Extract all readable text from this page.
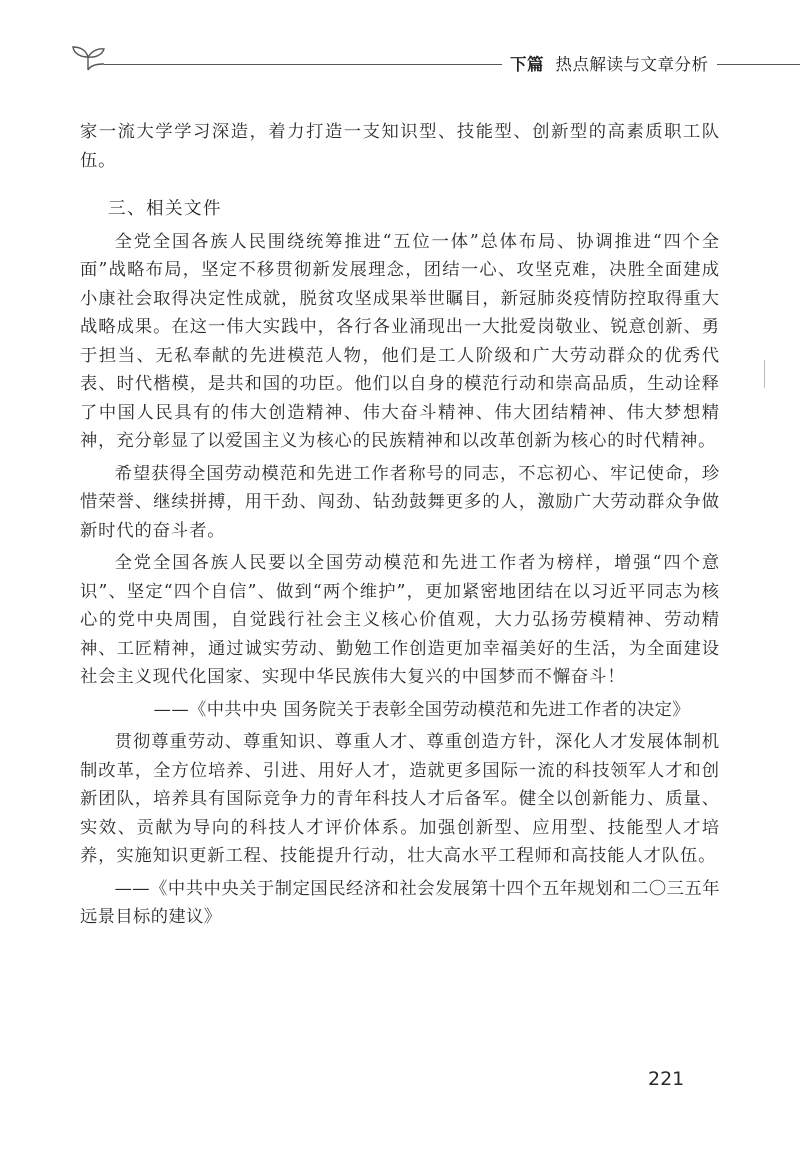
下篇 热点解读与文章分析

家一流大学学习深造，着力打造一支知识型、技能型、创新型的高素质职工队伍。

三、相关文件

全党全国各族人民围绕统筹推进“五位一体”总体布局、协调推进“四个全面”战略布局，坚定不移贯彻新发展理念，团结一心、攻坚克难，决胜全面建成小康社会取得决定性成就，脱贫攻坚成果举世瞩目，新冠肺炎疫情防控取得重大战略成果。在这一伟大实践中，各行各业涌现出一大批爱岗敬业、锐意创新、勇于担当、无私奉献的先进模范人物，他们是工人阶级和广大劳动群众的优秀代表、时代楷模，是共和国的功臣。他们以自身的模范行动和崇高品质，生动诠释了中国人民具有的伟大创造精神、伟大奋斗精神、伟大团结精神、伟大梦想精神，充分彰显了以爱国主义为核心的民族精神和以改革创新为核心的时代精神。

希望获得全国劳动模范和先进工作者称号的同志，不忘初心、牢记使命，珍惜荣誉、继续拼搏，用干劲、闯劲、钻劲鼓舞更多的人，激励广大劳动群众争做新时代的奋斗者。

全党全国各族人民要以全国劳动模范和先进工作者为榜样，增强“四个意识”、坚定“四个自信”、做到“两个维护”，更加紧密地团结在以习近平同志为核心的党中央周围，自觉践行社会主义核心价值观，大力弘扬劳模精神、劳动精神、工匠精神，通过诚实劳动、勤勉工作创造更加幸福美好的生活，为全面建设社会主义现代化国家、实现中华民族伟大复兴的中国梦而不懈奋斗！

——《中共中央 国务院关于表彰全国劳动模范和先进工作者的决定》

贯彻尊重劳动、尊重知识、尊重人才、尊重创造方针，深化人才发展体制机制改革，全方位培养、引进、用好人才，造就更多国际一流的科技领军人才和创新团队，培养具有国际竞争力的青年科技人才后备军。健全以创新能力、质量、实效、贡献为导向的科技人才评价体系。加强创新型、应用型、技能型人才培养，实施知识更新工程、技能提升行动，壮大高水平工程师和高技能人才队伍。

——《中共中央关于制定国民经济和社会发展第十四个五年规划和二〇三五年远景目标的建议》

221
